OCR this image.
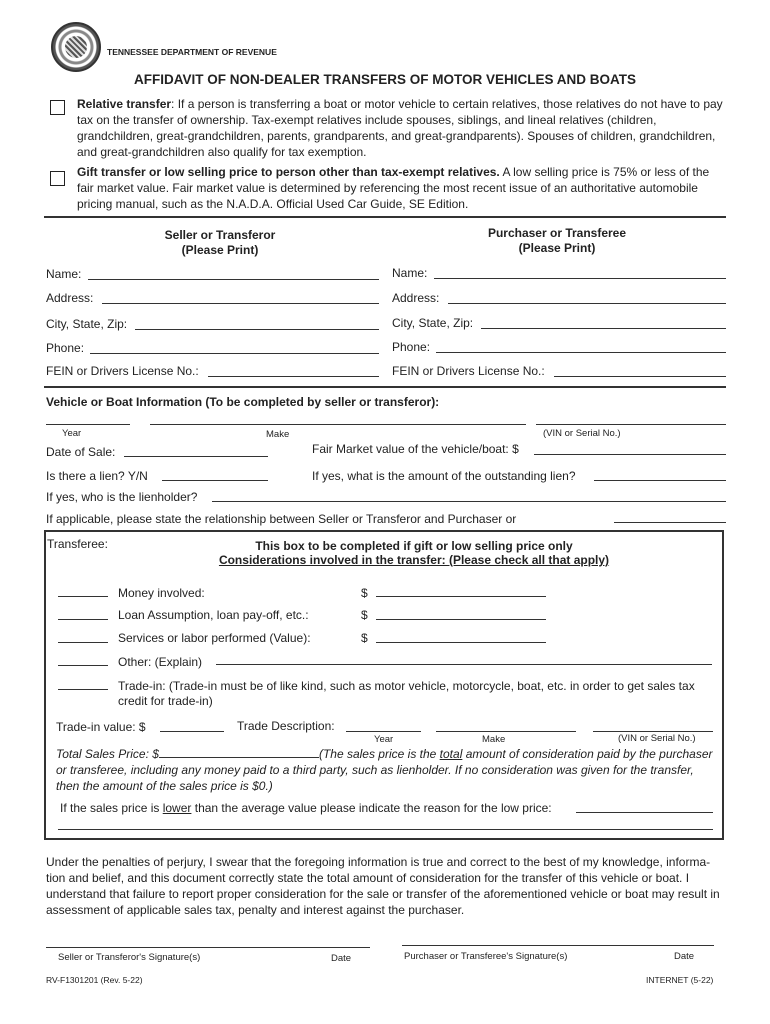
TENNESSEE DEPARTMENT OF REVENUE
AFFIDAVIT OF NON-DEALER TRANSFERS OF MOTOR VEHICLES AND BOATS
Relative transfer: If a person is transferring a boat or motor vehicle to certain relatives, those relatives do not have to pay tax on the transfer of ownership. Tax-exempt relatives include spouses, siblings, and lineal relatives (children, grandchildren, great-grandchildren, parents, grandparents, and great-grandparents). Spouses of children, grandchildren, and great-grandchildren also qualify for tax exemption.
Gift transfer or low selling price to person other than tax-exempt relatives. A low selling price is 75% or less of the fair market value. Fair market value is determined by referencing the most recent issue of an authoritative automobile pricing manual, such as the N.A.D.A. Official Used Car Guide, SE Edition.
Seller or Transferor
(Please Print)
Purchaser or Transferee
(Please Print)
Name:
Address:
City, State, Zip:
Phone:
FEIN or Drivers License No.:
Name:
Address:
City, State, Zip:
Phone:
FEIN or Drivers License No.:
Vehicle or Boat Information (To be completed by seller or transferor):
Year	Make	(VIN or Serial No.)
Date of Sale:	Fair Market value of the vehicle/boat: $
Is there a lien? Y/N	If yes, what is the amount of the outstanding lien?
If yes, who is the lienholder?
If applicable, please state the relationship between Seller or Transferor and Purchaser or
Transferee:	This box to be completed if gift or low selling price only
Considerations involved in the transfer: (Please check all that apply)
Money involved:	$
Loan Assumption, loan pay-off, etc.:	$
Services or labor performed (Value):	$
Other: (Explain)
Trade-in: (Trade-in must be of like kind, such as motor vehicle, motorcycle, boat, etc. in order to get sales tax credit for trade-in)
Trade-in value: $	Trade Description:
Year	Make	(VIN or Serial No.)
Total Sales Price: $	(The sales price is the total amount of consideration paid by the purchaser or transferee, including any money paid to a third party, such as lienholder. If no consideration was given for the transfer, then the amount of the sales price is $0.)
If the sales price is lower than the average value please indicate the reason for the low price:
Under the penalties of perjury, I swear that the foregoing information is true and correct to the best of my knowledge, informa-tion and belief, and this document correctly state the total amount of consideration for the transfer of this vehicle or boat. I understand that failure to report proper consideration for the sale or transfer of the aforementioned vehicle or boat may result in assessment of applicable sales tax, penalty and interest against the purchaser.
Seller or Transferor's Signature(s)	Date	Purchaser or Transferee's Signature(s)	Date
RV-F1301201 (Rev. 5-22)	INTERNET (5-22)
